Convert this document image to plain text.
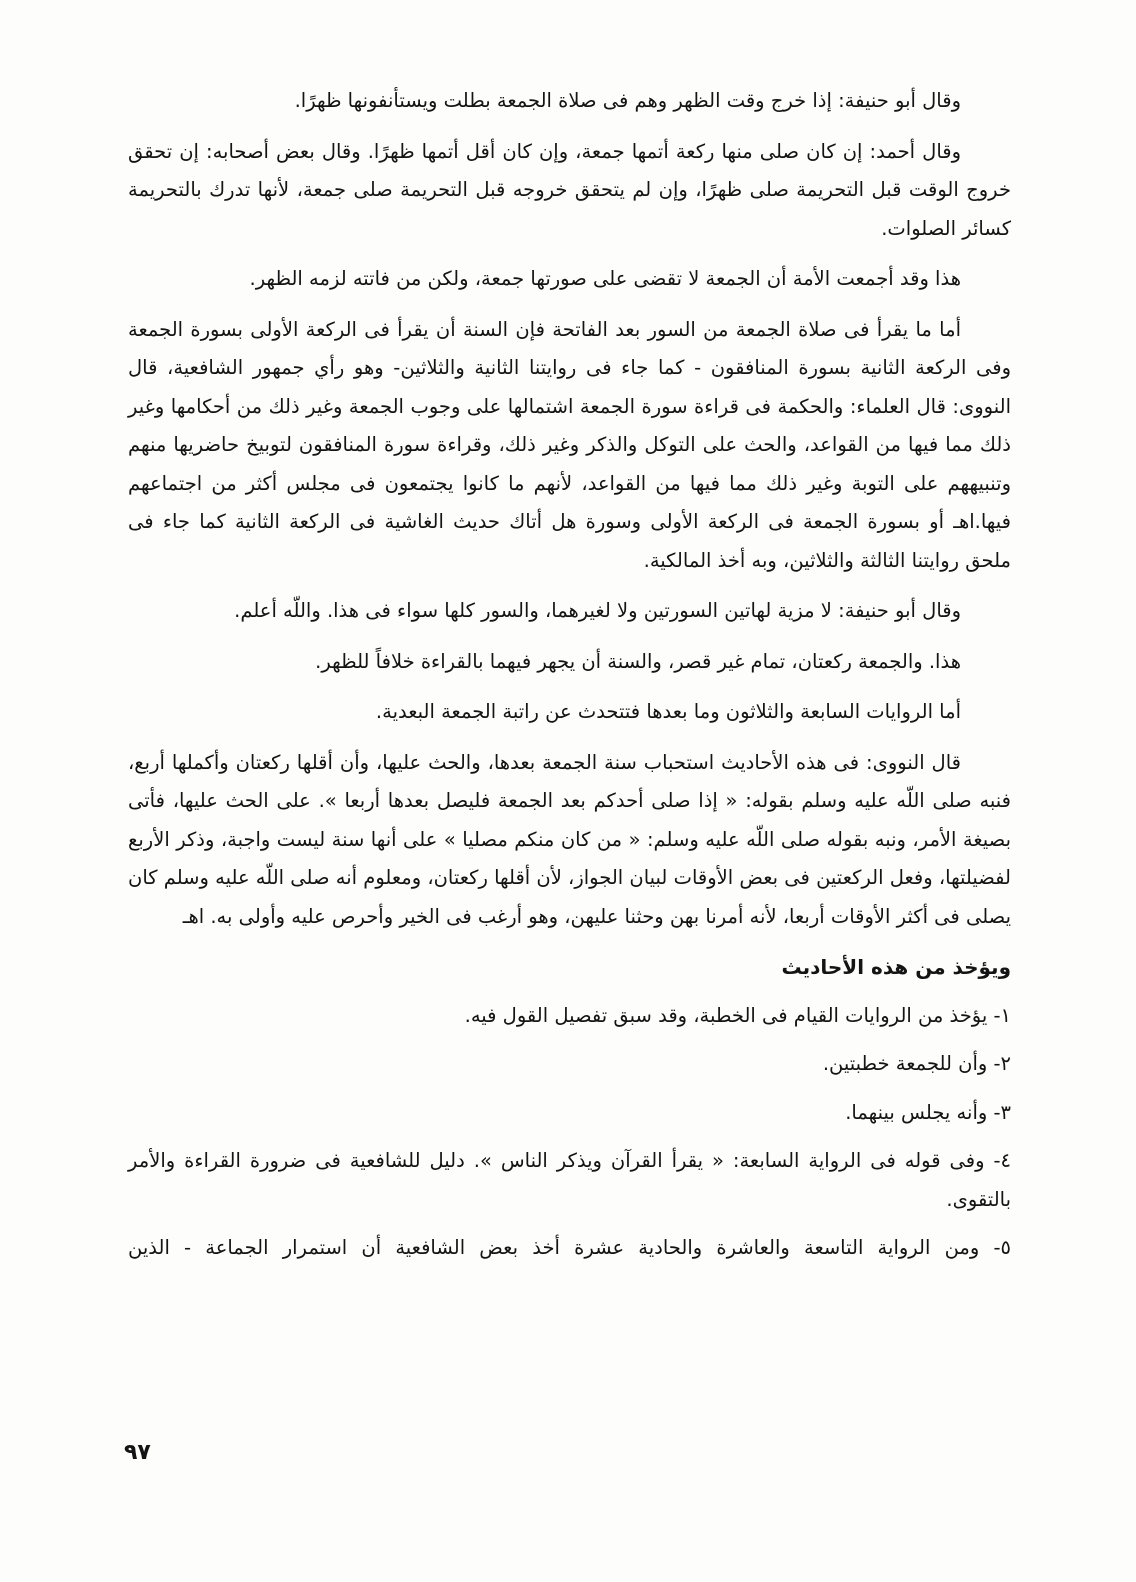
وقال أبو حنيفة: إذا خرج وقت الظهر وهم فى صلاة الجمعة بطلت ويستأنفونها ظهرًا.

وقال أحمد: إن كان صلى منها ركعة أتمها جمعة، وإن كان أقل أتمها ظهرًا. وقال بعض أصحابه: إن تحقق خروج الوقت قبل التحريمة صلى ظهرًا، وإن لم يتحقق خروجه قبل التحريمة صلى جمعة، لأنها تدرك بالتحريمة كسائر الصلوات.

هذا وقد أجمعت الأمة أن الجمعة لا تقضى على صورتها جمعة، ولكن من فاتته لزمه الظهر.

أما ما يقرأ فى صلاة الجمعة من السور بعد الفاتحة فإن السنة أن يقرأ فى الركعة الأولى بسورة الجمعة وفى الركعة الثانية بسورة المنافقون - كما جاء فى روايتنا الثانية والثلاثين- وهو رأي جمهور الشافعية، قال النووى: قال العلماء: والحكمة فى قراءة سورة الجمعة اشتمالها على وجوب الجمعة وغير ذلك من أحكامها وغير ذلك مما فيها من القواعد، والحث على التوكل والذكر وغير ذلك، وقراءة سورة المنافقون لتوبيخ حاضريها منهم وتنبيههم على التوبة وغير ذلك مما فيها من القواعد، لأنهم ما كانوا يجتمعون فى مجلس أكثر من اجتماعهم فيها.اهـ أو بسورة الجمعة فى الركعة الأولى وسورة هل أتاك حديث الغاشية فى الركعة الثانية كما جاء فى ملحق روايتنا الثالثة والثلاثين، وبه أخذ المالكية.

وقال أبو حنيفة: لا مزية لهاتين السورتين ولا لغيرهما، والسور كلها سواء فى هذا. واللّه أعلم.

هذا. والجمعة ركعتان، تمام غير قصر، والسنة أن يجهر فيهما بالقراءة خلافاً للظهر.

أما الروايات السابعة والثلاثون وما بعدها فتتحدث عن راتبة الجمعة البعدية.

قال النووى: فى هذه الأحاديث استحباب سنة الجمعة بعدها، والحث عليها، وأن أقلها ركعتان وأكملها أربع، فنبه صلى اللّه عليه وسلم بقوله: « إذا صلى أحدكم بعد الجمعة فليصل بعدها أربعا ». على الحث عليها، فأتى بصيغة الأمر، ونبه بقوله صلى اللّه عليه وسلم: « من كان منكم مصليا » على أنها سنة ليست واجبة، وذكر الأربع لفضيلتها، وفعل الركعتين فى بعض الأوقات لبيان الجواز، لأن أقلها ركعتان، ومعلوم أنه صلى اللّه عليه وسلم كان يصلى فى أكثر الأوقات أربعا، لأنه أمرنا بهن وحثنا عليهن، وهو أرغب فى الخير وأحرص عليه وأولى به. اهـ

ويؤخذ من هذه الأحاديث

١- يؤخذ من الروايات القيام فى الخطبة، وقد سبق تفصيل القول فيه.

٢- وأن للجمعة خطبتين.

٣- وأنه يجلس بينهما.

٤- وفى قوله فى الرواية السابعة: « يقرأ القرآن ويذكر الناس ». دليل للشافعية فى ضرورة القراءة والأمر بالتقوى.

٥- ومن الرواية التاسعة والعاشرة والحادية عشرة أخذ بعض الشافعية أن استمرار الجماعة - الذين

٩٧
